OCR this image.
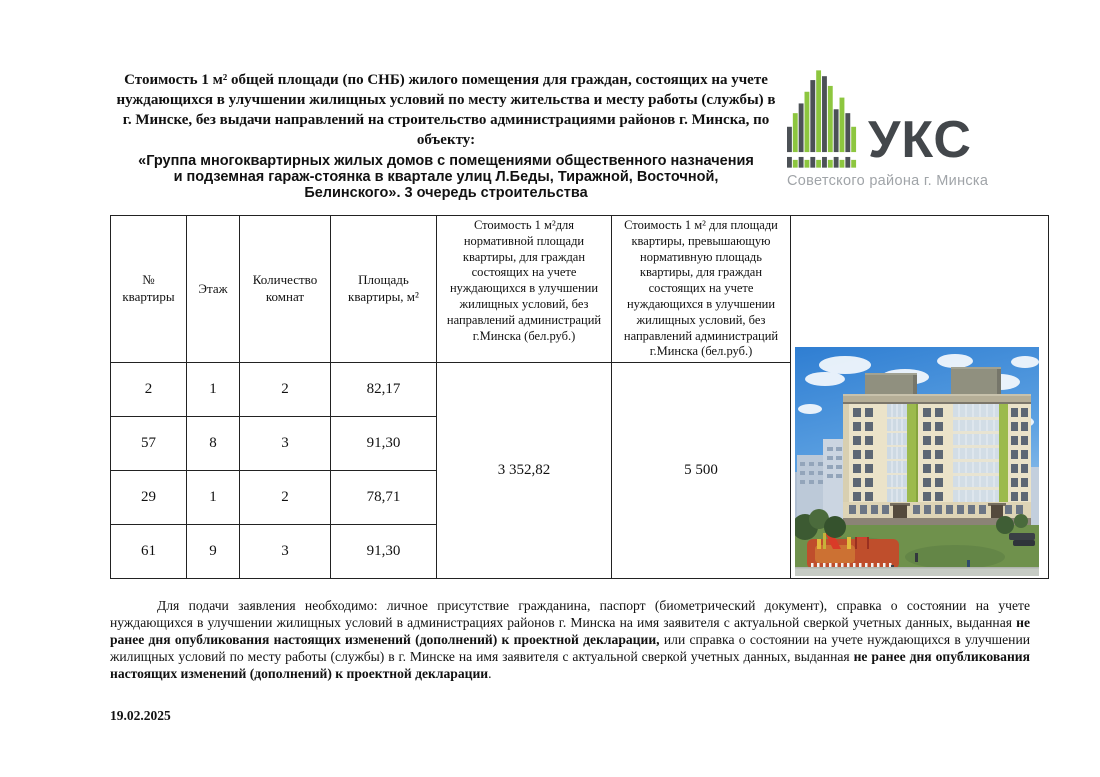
Стоимость 1 м² общей площади (по СНБ) жилого помещения для граждан, состоящих на учете нуждающихся в улучшении жилищных условий по месту жительства и месту работы (службы) в г. Минске, без выдачи направлений на строительство администрациями районов г. Минска, по объекту:

«Группа многоквартирных жилых домов с помещениями общественного назначения и подземная гараж-стоянка в квартале улиц Л.Беды, Тиражной, Восточной, Белинского». 3 очередь строительства

УКС
Советского района г. Минска
№ квартиры	Этаж	Количество комнат	Площадь квартиры, м²	Стоимость 1 м²для нормативной площади квартиры, для граждан состоящих на учете нуждающихся в улучшении жилищных условий, без направлений администраций г.Минска (бел.руб.)	Стоимость 1 м² для площади квартиры, превышающую нормативную площадь квартиры, для граждан состоящих на учете нуждающихся в улучшении жилищных условий, без направлений администраций г.Минска (бел.руб.)	

2	1	2	82,17	3 352,82	5 500	
57	8	3	91,30			
29	1	2	78,71			
61	9	3	91,30			
Для подачи заявления необходимо: личное присутствие гражданина, паспорт (биометрический документ), справка о состоянии на учете нуждающихся в улучшении жилищных условий в администрациях районов г. Минска на имя заявителя с актуальной сверкой учетных данных, выданная не ранее дня опубликования настоящих изменений (дополнений) к проектной декларации, или справка о состоянии на учете нуждающихся в улучшении жилищных условий по месту работы (службы) в г. Минске на имя заявителя с актуальной сверкой учетных данных, выданная не ранее дня опубликования настоящих изменений (дополнений) к проектной декларации.
19.02.2025
